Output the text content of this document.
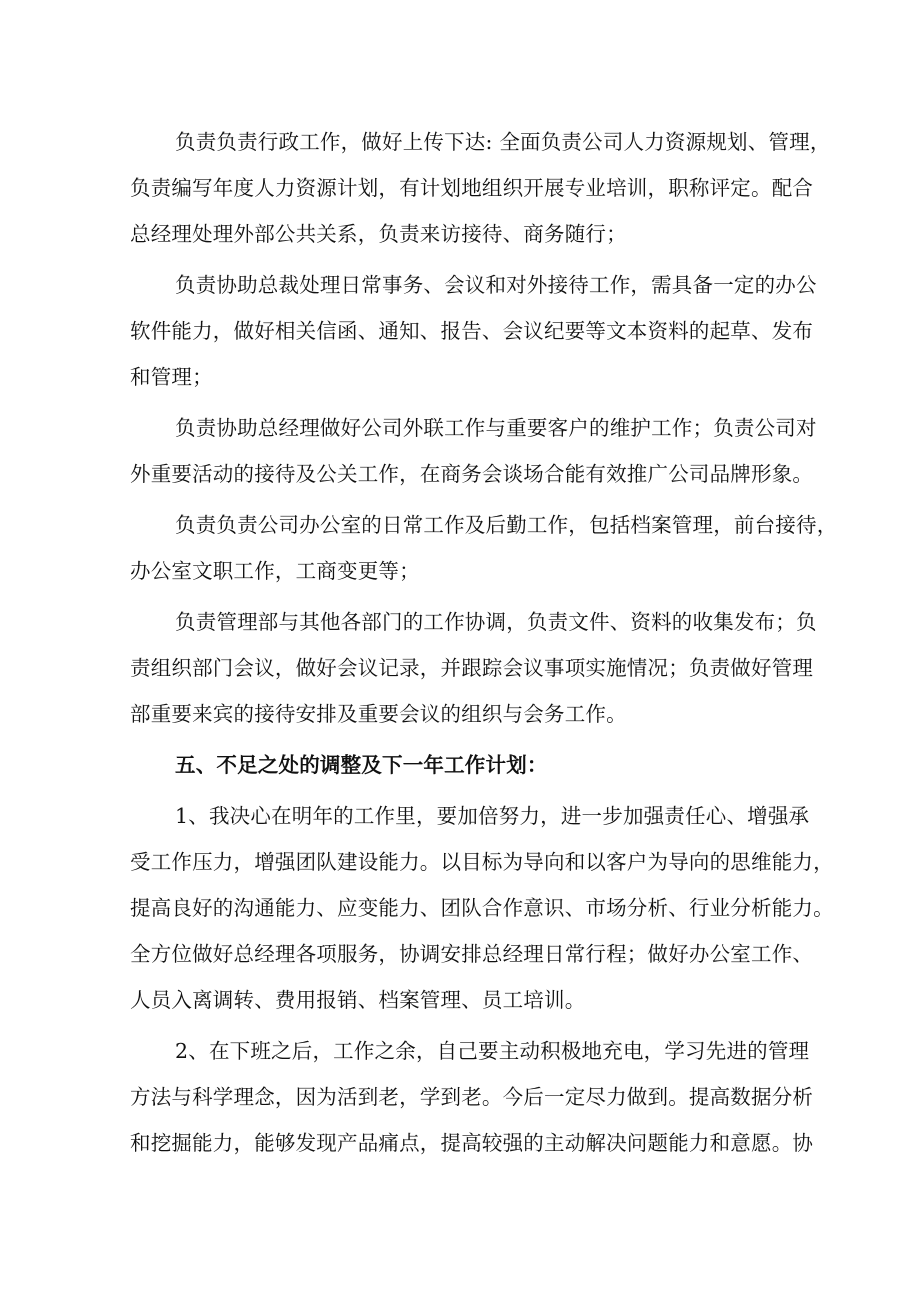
负责负责行政工作，做好上传下达: 全面负责公司人力资源规划、管理，
负责编写年度人力资源计划，有计划地组织开展专业培训，职称评定。配合
总经理处理外部公共关系，负责来访接待、商务随行；
负责协助总裁处理日常事务、会议和对外接待工作，需具备一定的办公
软件能力，做好相关信函、通知、报告、会议纪要等文本资料的起草、发布
和管理；
负责协助总经理做好公司外联工作与重要客户的维护工作；负责公司对
外重要活动的接待及公关工作，在商务会谈场合能有效推广公司品牌形象。
负责负责公司办公室的日常工作及后勤工作，包括档案管理，前台接待，
办公室文职工作，工商变更等；
负责管理部与其他各部门的工作协调，负责文件、资料的收集发布；负
责组织部门会议，做好会议记录，并跟踪会议事项实施情况；负责做好管理
部重要来宾的接待安排及重要会议的组织与会务工作。
五、不足之处的调整及下一年工作计划：
1、我决心在明年的工作里，要加倍努力，进一步加强责任心、增强承
受工作压力，增强团队建设能力。以目标为导向和以客户为导向的思维能力，
提高良好的沟通能力、应变能力、团队合作意识、市场分析、行业分析能力。
全方位做好总经理各项服务，协调安排总经理日常行程；做好办公室工作、
人员入离调转、费用报销、档案管理、员工培训。
2、在下班之后，工作之余，自己要主动积极地充电，学习先进的管理
方法与科学理念，因为活到老，学到老。今后一定尽力做到。提高数据分析
和挖掘能力，能够发现产品痛点，提高较强的主动解决问题能力和意愿。协
